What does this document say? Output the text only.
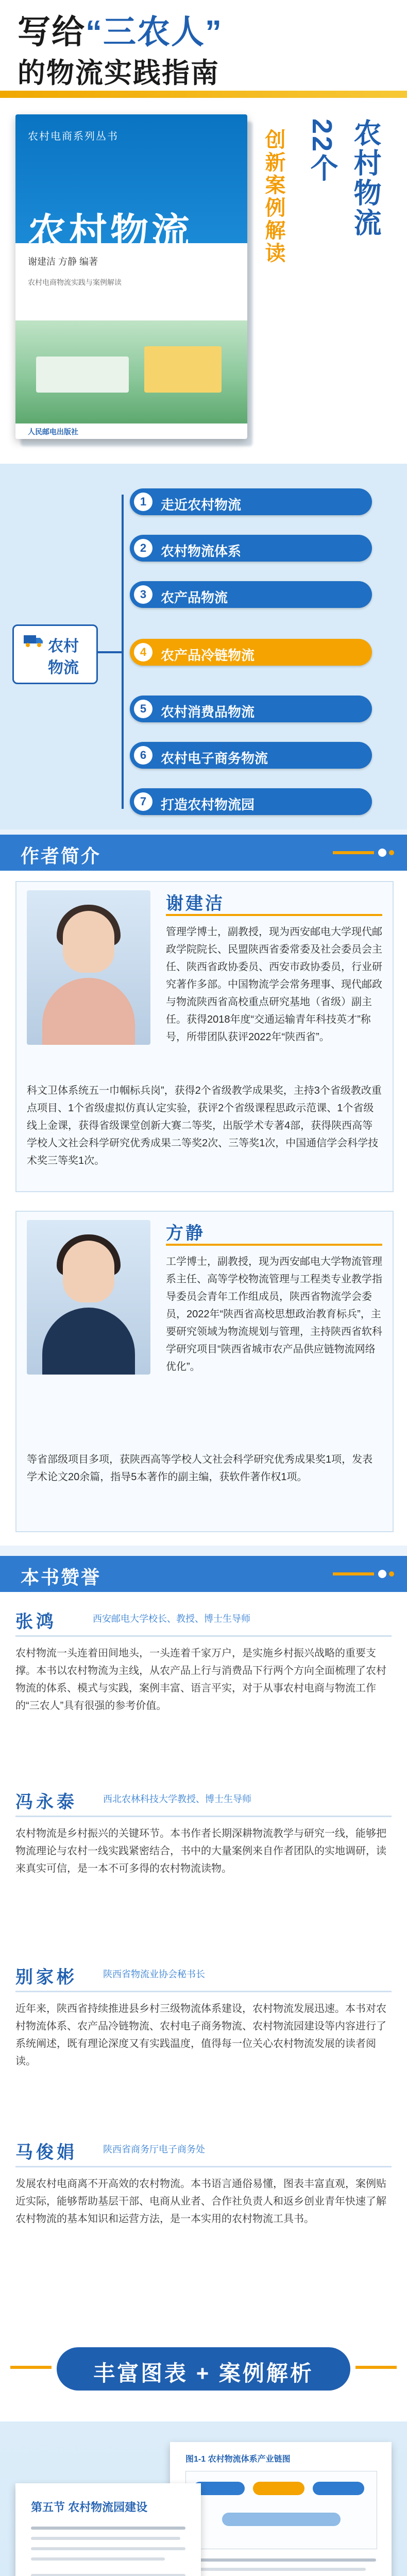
写给“三农人”
的物流实践指南
农村电商系列丛书
农村物流
谢建洁 方静 编著
农村电商物流实践与案例解读
人民邮电出版社
创新案例解读 22个 农村物流
农村
物流
1	走近农村物流
2	农村物流体系
3	农产品物流
4	农产品冷链物流
5	农村消费品物流
6	农村电子商务物流
7	打造农村物流园
作者简介
谢建洁
管理学博士，副教授，现为西安邮电大学现代邮政学院院长、民盟陕西省委常委及社会委员会主任、陕西省政协委员、西安市政协委员，行业研究著作多部。中国物流学会常务理事、现代邮政与物流陕西省高校重点研究基地（省级）副主任。获得2018年度“交通运输青年科技英才”称号，所带团队获评2022年“陕西省”。
科文卫体系统五一巾帼标兵岗”，获得2个省级教学成果奖，主持3个省级教改重点项目、1个省级虚拟仿真认定实验，获评2个省级课程思政示范课、1个省级线上金课，获得省级课堂创新大赛二等奖，出版学术专著4部，获得陕西高等学校人文社会科学研究优秀成果二等奖2次、三等奖1次，中国通信学会科学技术奖三等奖1次。
方静
工学博士，副教授，现为西安邮电大学物流管理系主任、高等学校物流管理与工程类专业教学指导委员会青年工作组成员，陕西省物流学会委员，2022年“陕西省高校思想政治教育标兵”，主要研究领域为物流规划与管理，主持陕西省软科学研究项目“陕西省城市农产品供应链物流网络优化”。
等省部级项目多项，获陕西高等学校人文社会科学研究优秀成果奖1项，发表学术论文20余篇，指导5本著作的副主编，获软件著作权1项。
本书赞誉
张鸿	西安邮电大学校长、教授、博士生导师
农村物流一头连着田间地头，一头连着千家万户，是实施乡村振兴战略的重要支撑。本书以农村物流为主线，从农产品上行与消费品下行两个方向全面梳理了农村物流的体系、模式与实践，案例丰富、语言平实，对于从事农村电商与物流工作的“三农人”具有很强的参考价值。
冯永泰	西北农林科技大学教授、博士生导师
农村物流是乡村振兴的关键环节。本书作者长期深耕物流教学与研究一线，能够把物流理论与农村一线实践紧密结合，书中的大量案例来自作者团队的实地调研，读来真实可信，是一本不可多得的农村物流读物。
别家彬	陕西省物流业协会秘书长
近年来，陕西省持续推进县乡村三级物流体系建设，农村物流发展迅速。本书对农村物流体系、农产品冷链物流、农村电子商务物流、农村物流园建设等内容进行了系统阐述，既有理论深度又有实践温度，值得每一位关心农村物流发展的读者阅读。
马俊娟	陕西省商务厅电子商务处
发展农村电商离不开高效的农村物流。本书语言通俗易懂，图表丰富直观，案例贴近实际，能够帮助基层干部、电商从业者、合作社负责人和返乡创业青年快速了解农村物流的基本知识和运营方法，是一本实用的农村物流工具书。
丰富图表 + 案例解析
图1-1 农村物流体系产业链图
第五节 农村物流园建设
